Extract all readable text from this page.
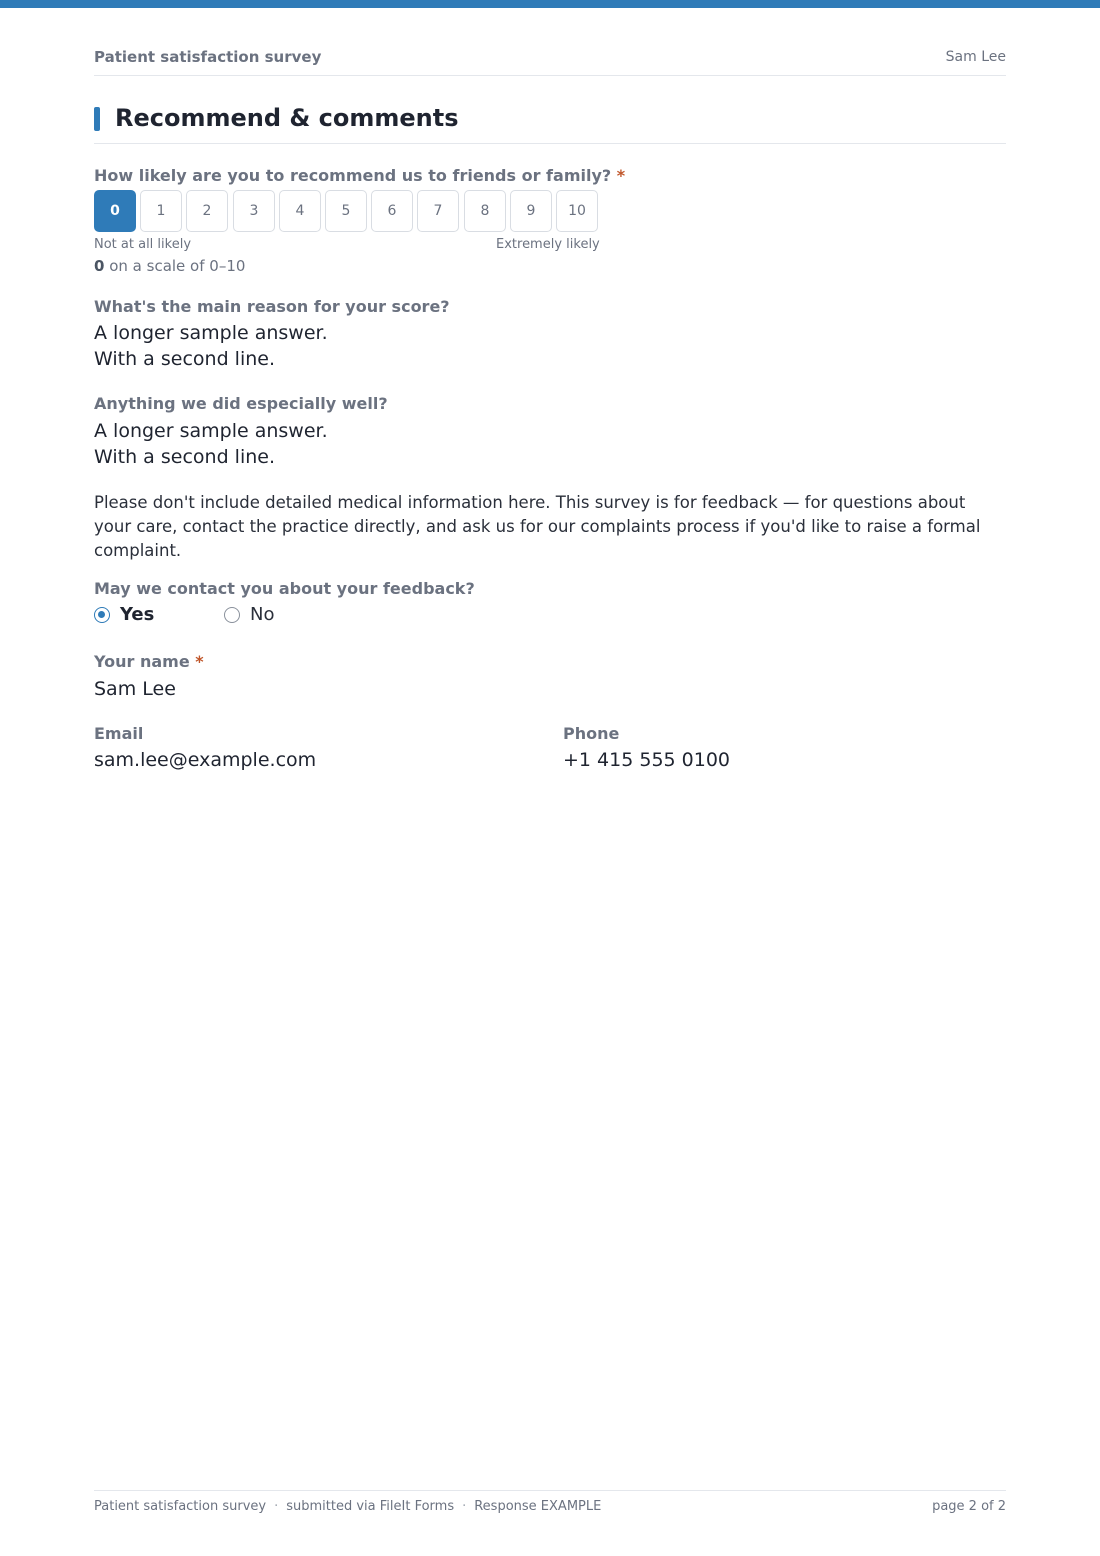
Patient satisfaction survey	Sam Lee
Recommend & comments
How likely are you to recommend us to friends or family? *
0	1	2	3	4	5	6	7	8	9	10
Not at all likely	Extremely likely
0 on a scale of 0–10
What's the main reason for your score?
A longer sample answer.
With a second line.
Anything we did especially well?
A longer sample answer.
With a second line.
Please don't include detailed medical information here. This survey is for feedback — for questions about your care, contact the practice directly, and ask us for our complaints process if you'd like to raise a formal complaint.
May we contact you about your feedback?
Yes	No
Your name *
Sam Lee
Email
sam.lee@example.com
Phone
+1 415 555 0100
Patient satisfaction survey · submitted via FileIt Forms · Response EXAMPLE	page 2 of 2
